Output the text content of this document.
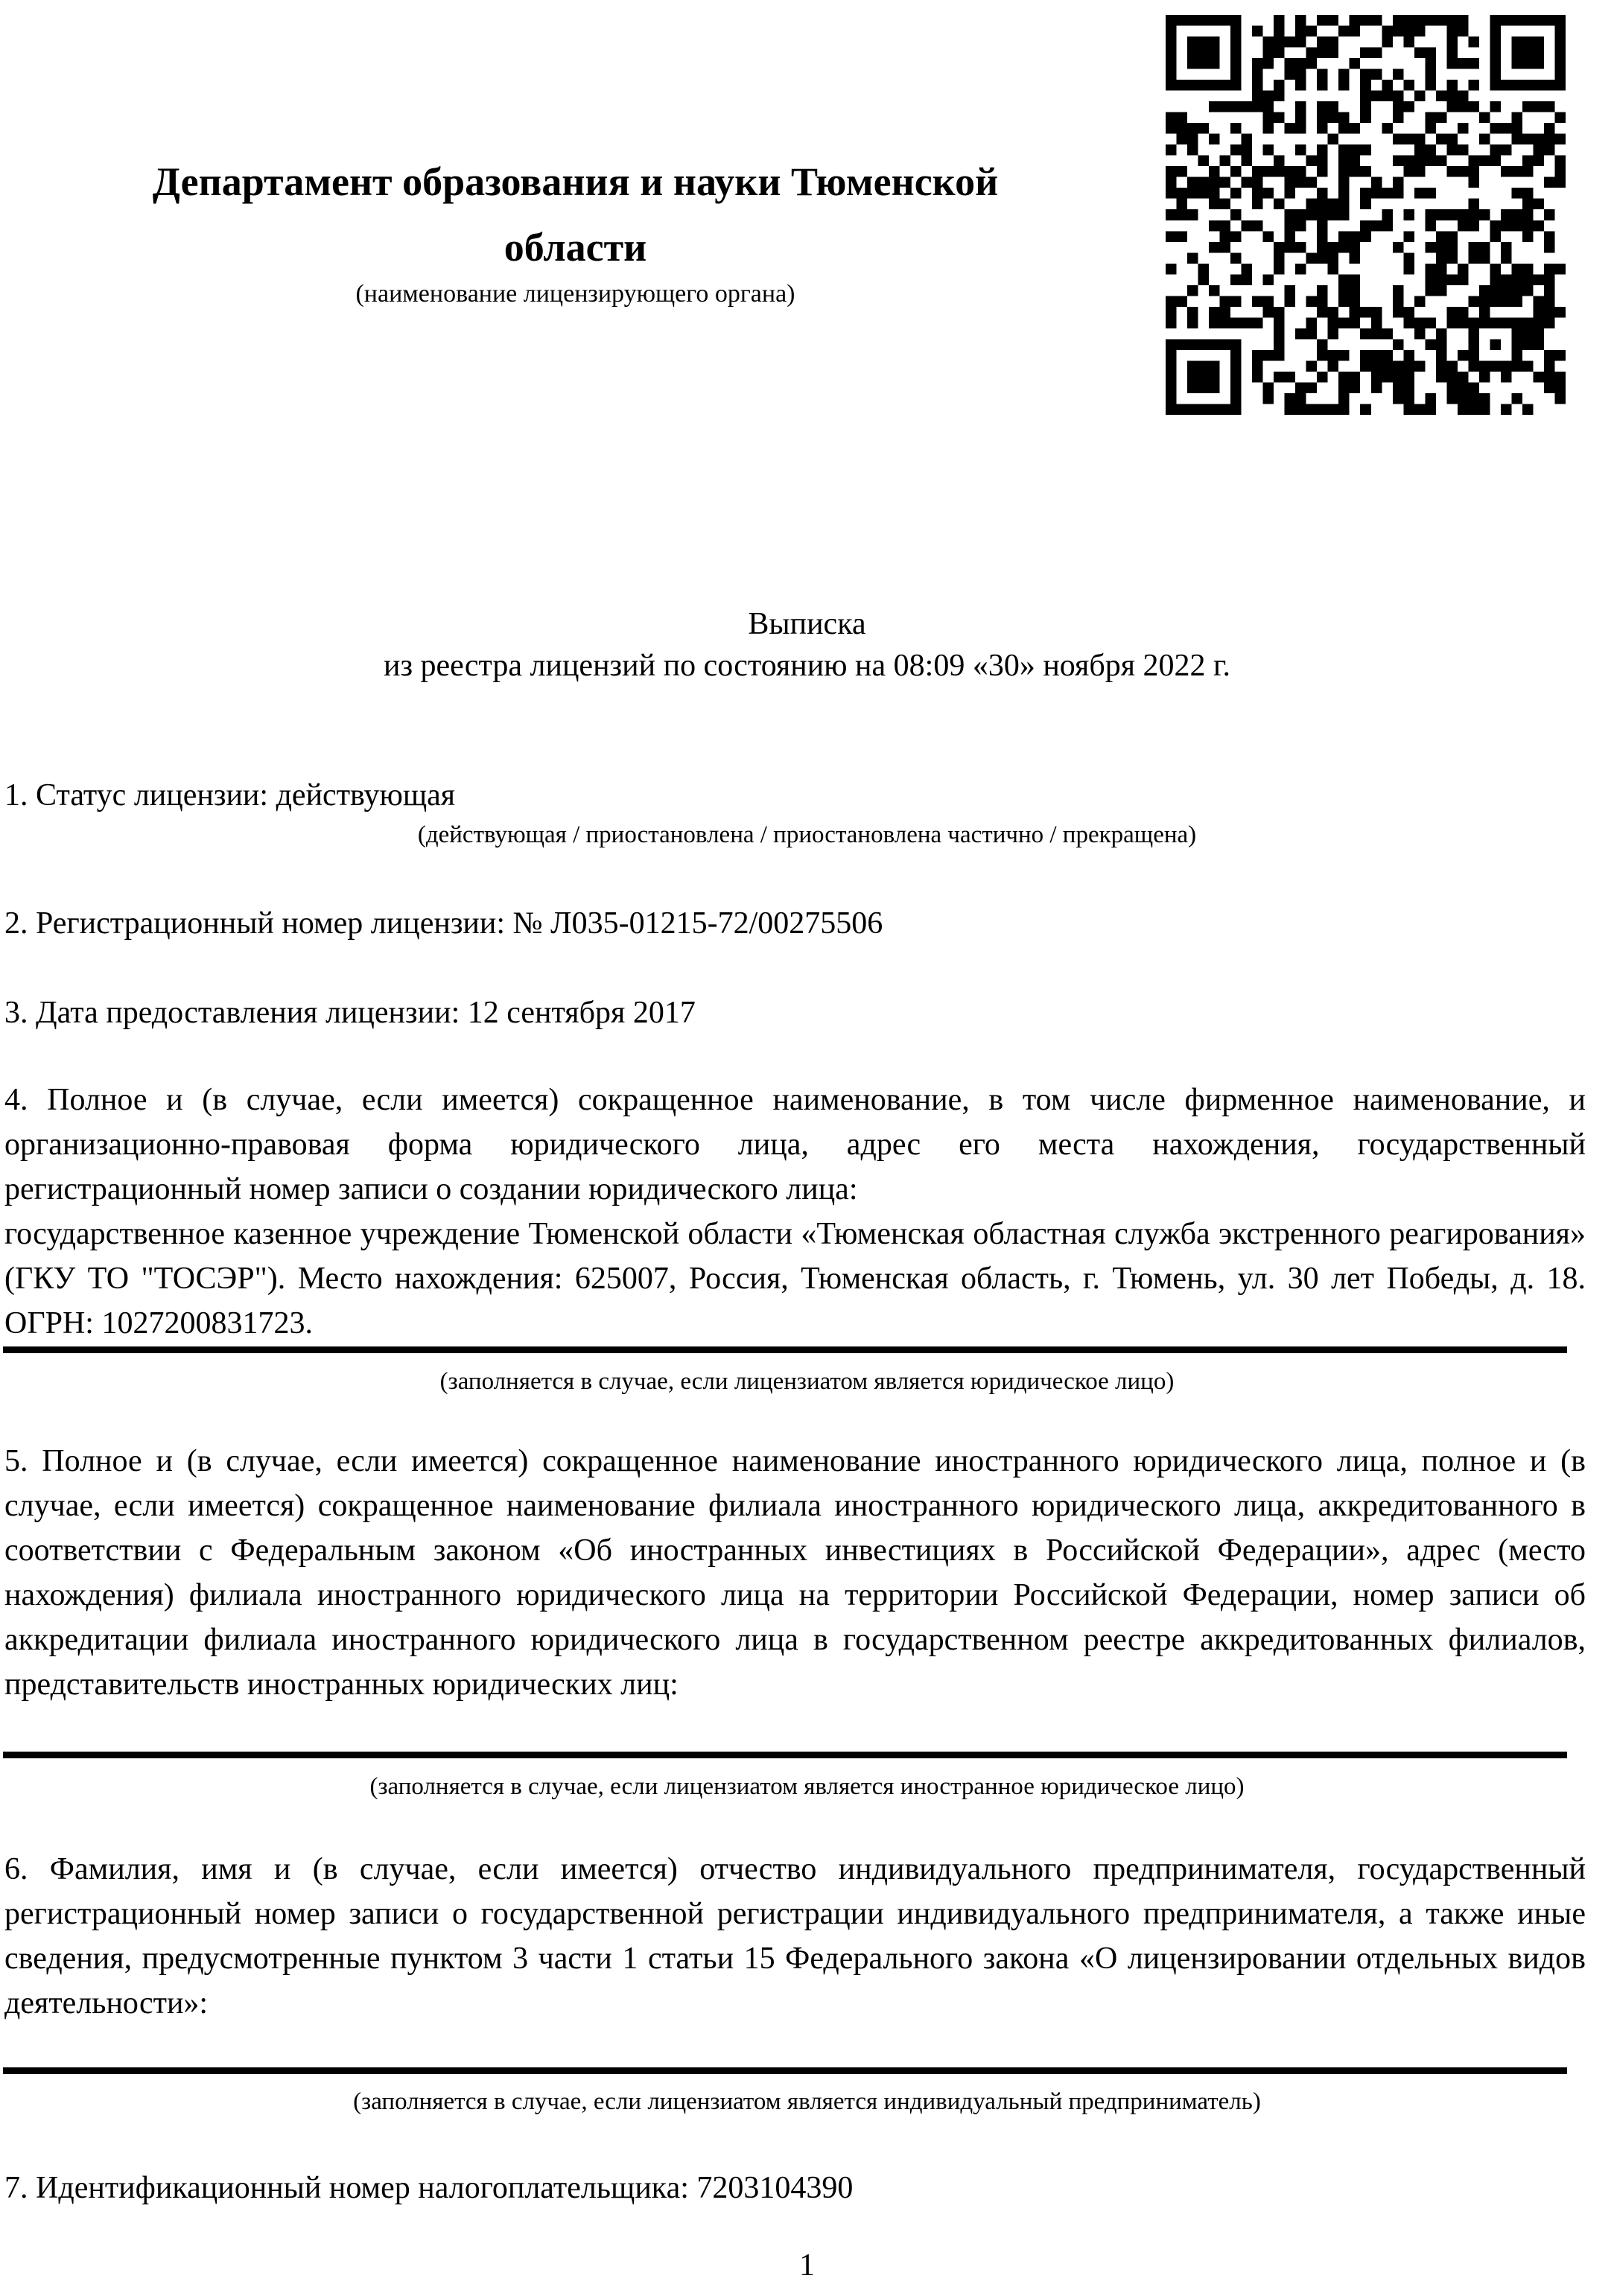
Департамент образования и науки Тюменской области
(наименование лицензирующего органа)
Выписка
из реестра лицензий по состоянию на 08:09 «30» ноября 2022 г.

1. Статус лицензии: действующая

(действующая / приостановлена / приостановлена частично / прекращена)

2. Регистрационный номер лицензии: № Л035-01215-72/00275506

3. Дата предоставления лицензии: 12 сентября 2017

4. Полное и (в случае, если имеется) сокращенное наименование, в том числе фирменное наименование, и организационно-правовая форма юридического лица, адрес его места нахождения, государственный регистрационный номер записи о создании юридического лица:

государственное казенное учреждение Тюменской области «Тюменская областная служба экстренного реагирования» (ГКУ ТО "ТОСЭР"). Место нахождения: 625007, Россия, Тюменская область, г. Тюмень, ул. 30 лет Победы, д. 18. ОГРН: 1027200831723.

(заполняется в случае, если лицензиатом является юридическое лицо)

5. Полное и (в случае, если имеется) сокращенное наименование иностранного юридического лица, полное и (в случае, если имеется) сокращенное наименование филиала иностранного юридического лица, аккредитованного в соответствии с Федеральным законом «Об иностранных инвестициях в Российской Федерации», адрес (место нахождения) филиала иностранного юридического лица на территории Российской Федерации, номер записи об аккредитации филиала иностранного юридического лица в государственном реестре аккредитованных филиалов, представительств иностранных юридических лиц:

(заполняется в случае, если лицензиатом является иностранное юридическое лицо)

6. Фамилия, имя и (в случае, если имеется) отчество индивидуального предпринимателя, государственный регистрационный номер записи о государственной регистрации индивидуального предпринимателя, а также иные сведения, предусмотренные пунктом 3 части 1 статьи 15 Федерального закона «О лицензировании отдельных видов деятельности»:

(заполняется в случае, если лицензиатом является индивидуальный предприниматель)

7. Идентификационный номер налогоплательщика: 7203104390

1
